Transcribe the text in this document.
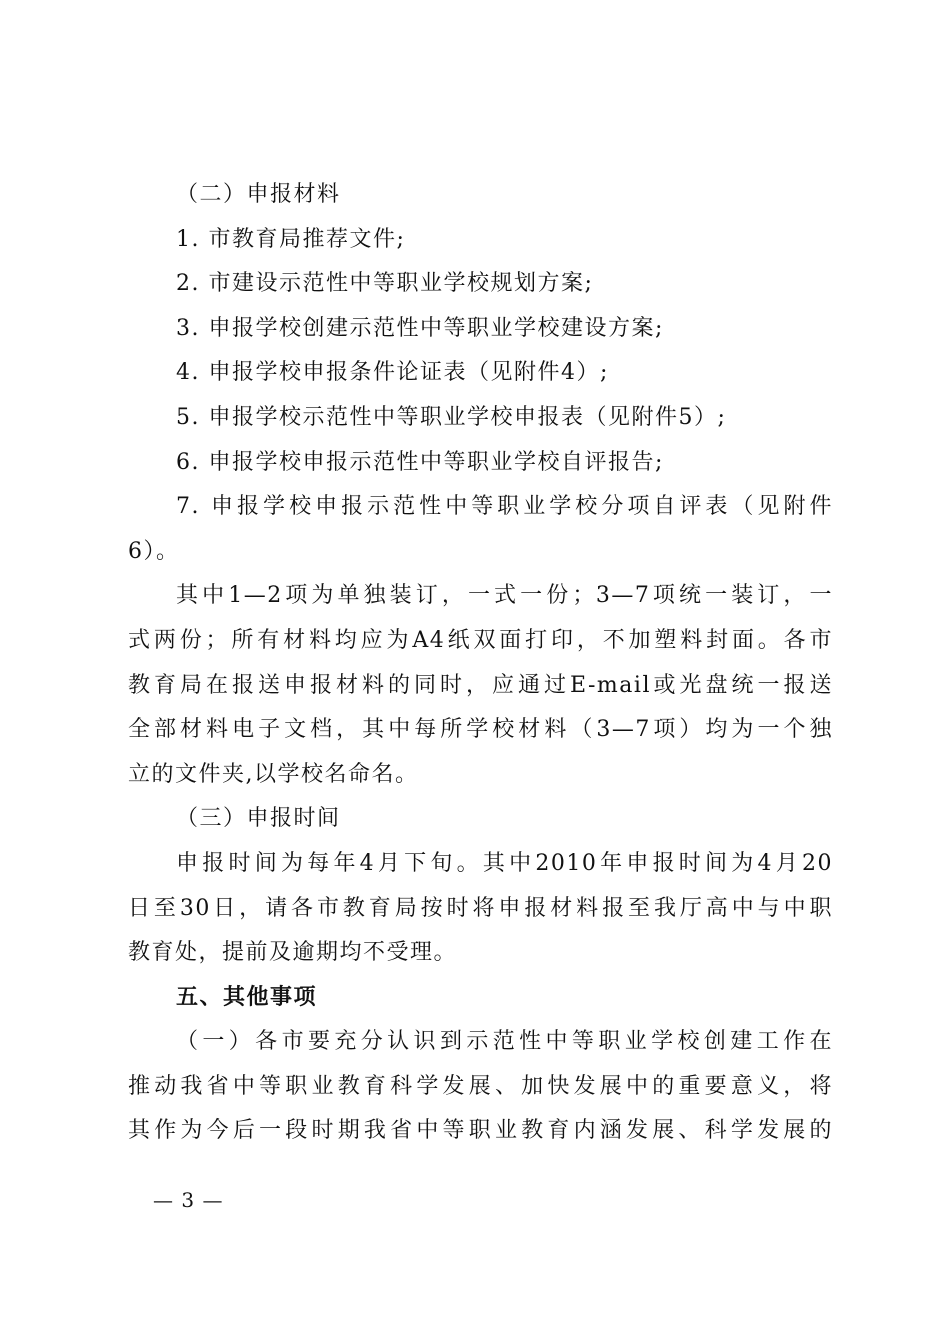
（二）申报材料
1. 市教育局推荐文件;
2. 市建设示范性中等职业学校规划方案;
3. 申报学校创建示范性中等职业学校建设方案;
4. 申报学校申报条件论证表（见附件4）;
5. 申报学校示范性中等职业学校申报表（见附件5）;
6. 申报学校申报示范性中等职业学校自评报告;
7. 申报学校申报示范性中等职业学校分项自评表（见附件
6）。
其中1—2项为单独装订，一式一份；3—7项统一装订，一
式两份；所有材料均应为A4纸双面打印，不加塑料封面。各市
教育局在报送申报材料的同时，应通过E-mail或光盘统一报送
全部材料电子文档，其中每所学校材料（3—7项）均为一个独
立的文件夹,以学校名命名。
（三）申报时间
申报时间为每年4月下旬。其中2010年申报时间为4月20
日至30日，请各市教育局按时将申报材料报至我厅高中与中职
教育处，提前及逾期均不受理。
五、其他事项
（一）各市要充分认识到示范性中等职业学校创建工作在
推动我省中等职业教育科学发展、加快发展中的重要意义，将
其作为今后一段时期我省中等职业教育内涵发展、科学发展的
— 3 —
